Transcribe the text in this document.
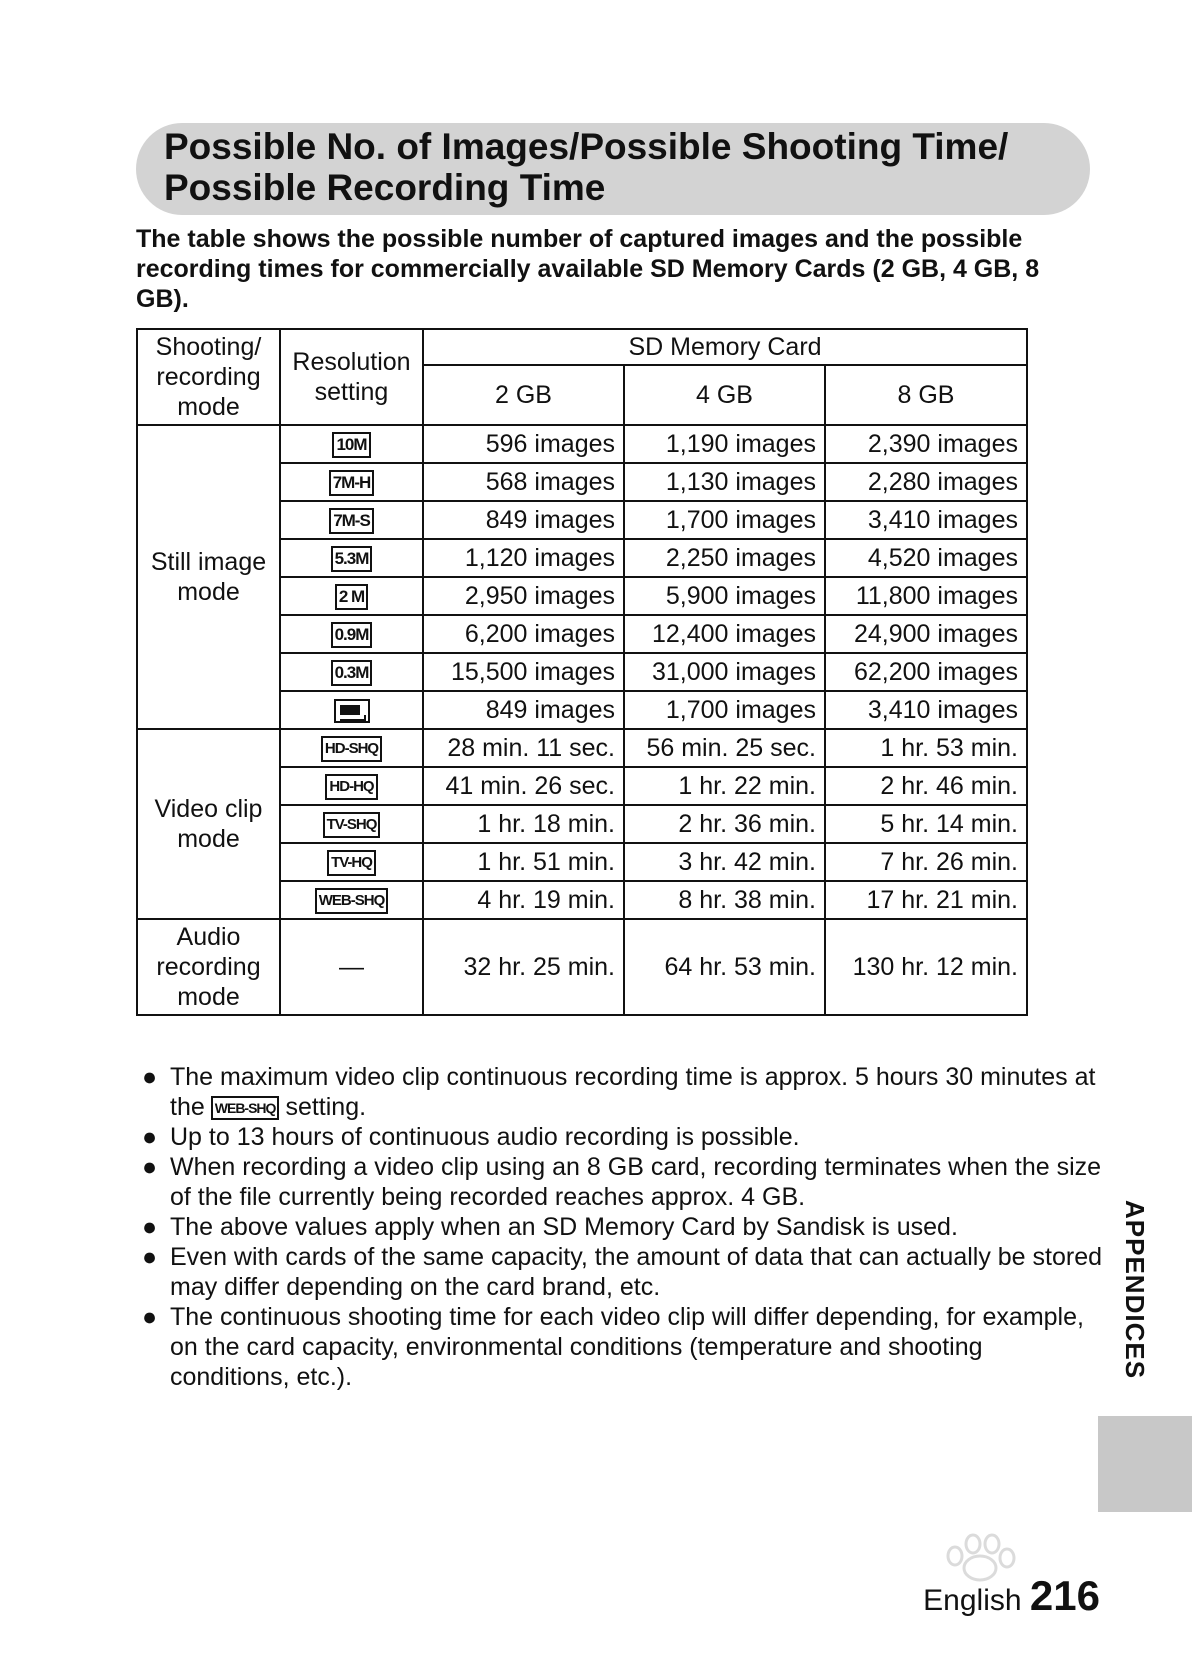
Possible No. of Images/Possible Shooting Time/
Possible Recording Time

The table shows the possible number of captured images and the possible recording times for commercially available SD Memory Cards (2 GB, 4 GB, 8 GB).

Shooting/ recording mode	Resolution setting	SD Memory Card		
		2 GB	4 GB	8 GB
Still image mode	10M	596 images	1,190 images	2,390 images
	7M-H	568 images	1,130 images	2,280 images
	7M-S	849 images	1,700 images	3,410 images
	5.3M	1,120 images	2,250 images	4,520 images
	2 M	2,950 images	5,900 images	11,800 images
	0.9M	6,200 images	12,400 images	24,900 images
	0.3M	15,500 images	31,000 images	62,200 images
		849 images	1,700 images	3,410 images
Video clip mode	HD-SHQ	28 min. 11 sec.	56 min. 25 sec.	1 hr. 53 min.
	HD-HQ	41 min. 26 sec.	1 hr. 22 min.	2 hr. 46 min.
	TV-SHQ	1 hr. 18 min.	2 hr. 36 min.	5 hr. 14 min.
	TV-HQ	1 hr. 51 min.	3 hr. 42 min.	7 hr. 26 min.
	WEB-SHQ	4 hr. 19 min.	8 hr. 38 min.	17 hr. 21 min.
Audio recording mode	—	32 hr. 25 min.	64 hr. 53 min.	130 hr. 12 min.
● The maximum video clip continuous recording time is approx. 5 hours 30 minutes at the WEB-SHQ setting.
● Up to 13 hours of continuous audio recording is possible.
● When recording a video clip using an 8 GB card, recording terminates when the size of the file currently being recorded reaches approx. 4 GB.
● The above values apply when an SD Memory Card by Sandisk is used.
● Even with cards of the same capacity, the amount of data that can actually be stored may differ depending on the card brand, etc.
● The continuous shooting time for each video clip will differ depending, for example, on the card capacity, environmental conditions (temperature and shooting conditions, etc.).	APPENDICES
English 216
